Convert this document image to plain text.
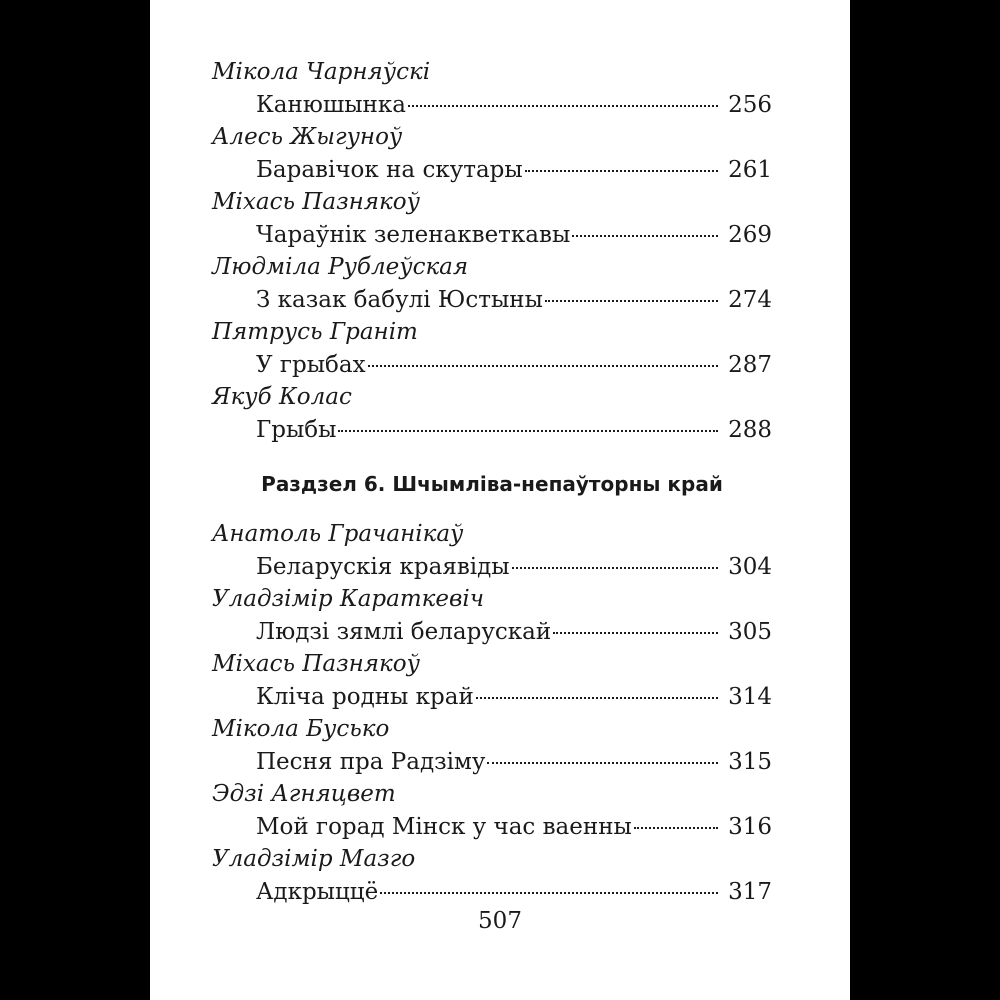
Мікола Чарняўскі
Канюшынка	256
Алесь Жыгуноў
Баравічок на скутары	261
Міхась Пазнякоў
Чараўнік зеленакветкавы	269
Людміла Рублеўская
З казак бабулі Юстыны	274
Пятрусь Граніт
У грыбах	287
Якуб Колас
Грыбы	288
Раздзел 6. Шчымліва-непаўторны край
Анатоль Грачанікаў
Беларускія краявіды	304
Уладзімір Караткевіч
Людзі зямлі беларускай	305
Міхась Пазнякоў
Кліча родны край	314
Мікола Бусько
Песня пра Радзіму	315
Эдзі Агняцвет
Мой горад Мінск у час ваенны	316
Уладзімір Мазго
Адкрыццё	317
507
